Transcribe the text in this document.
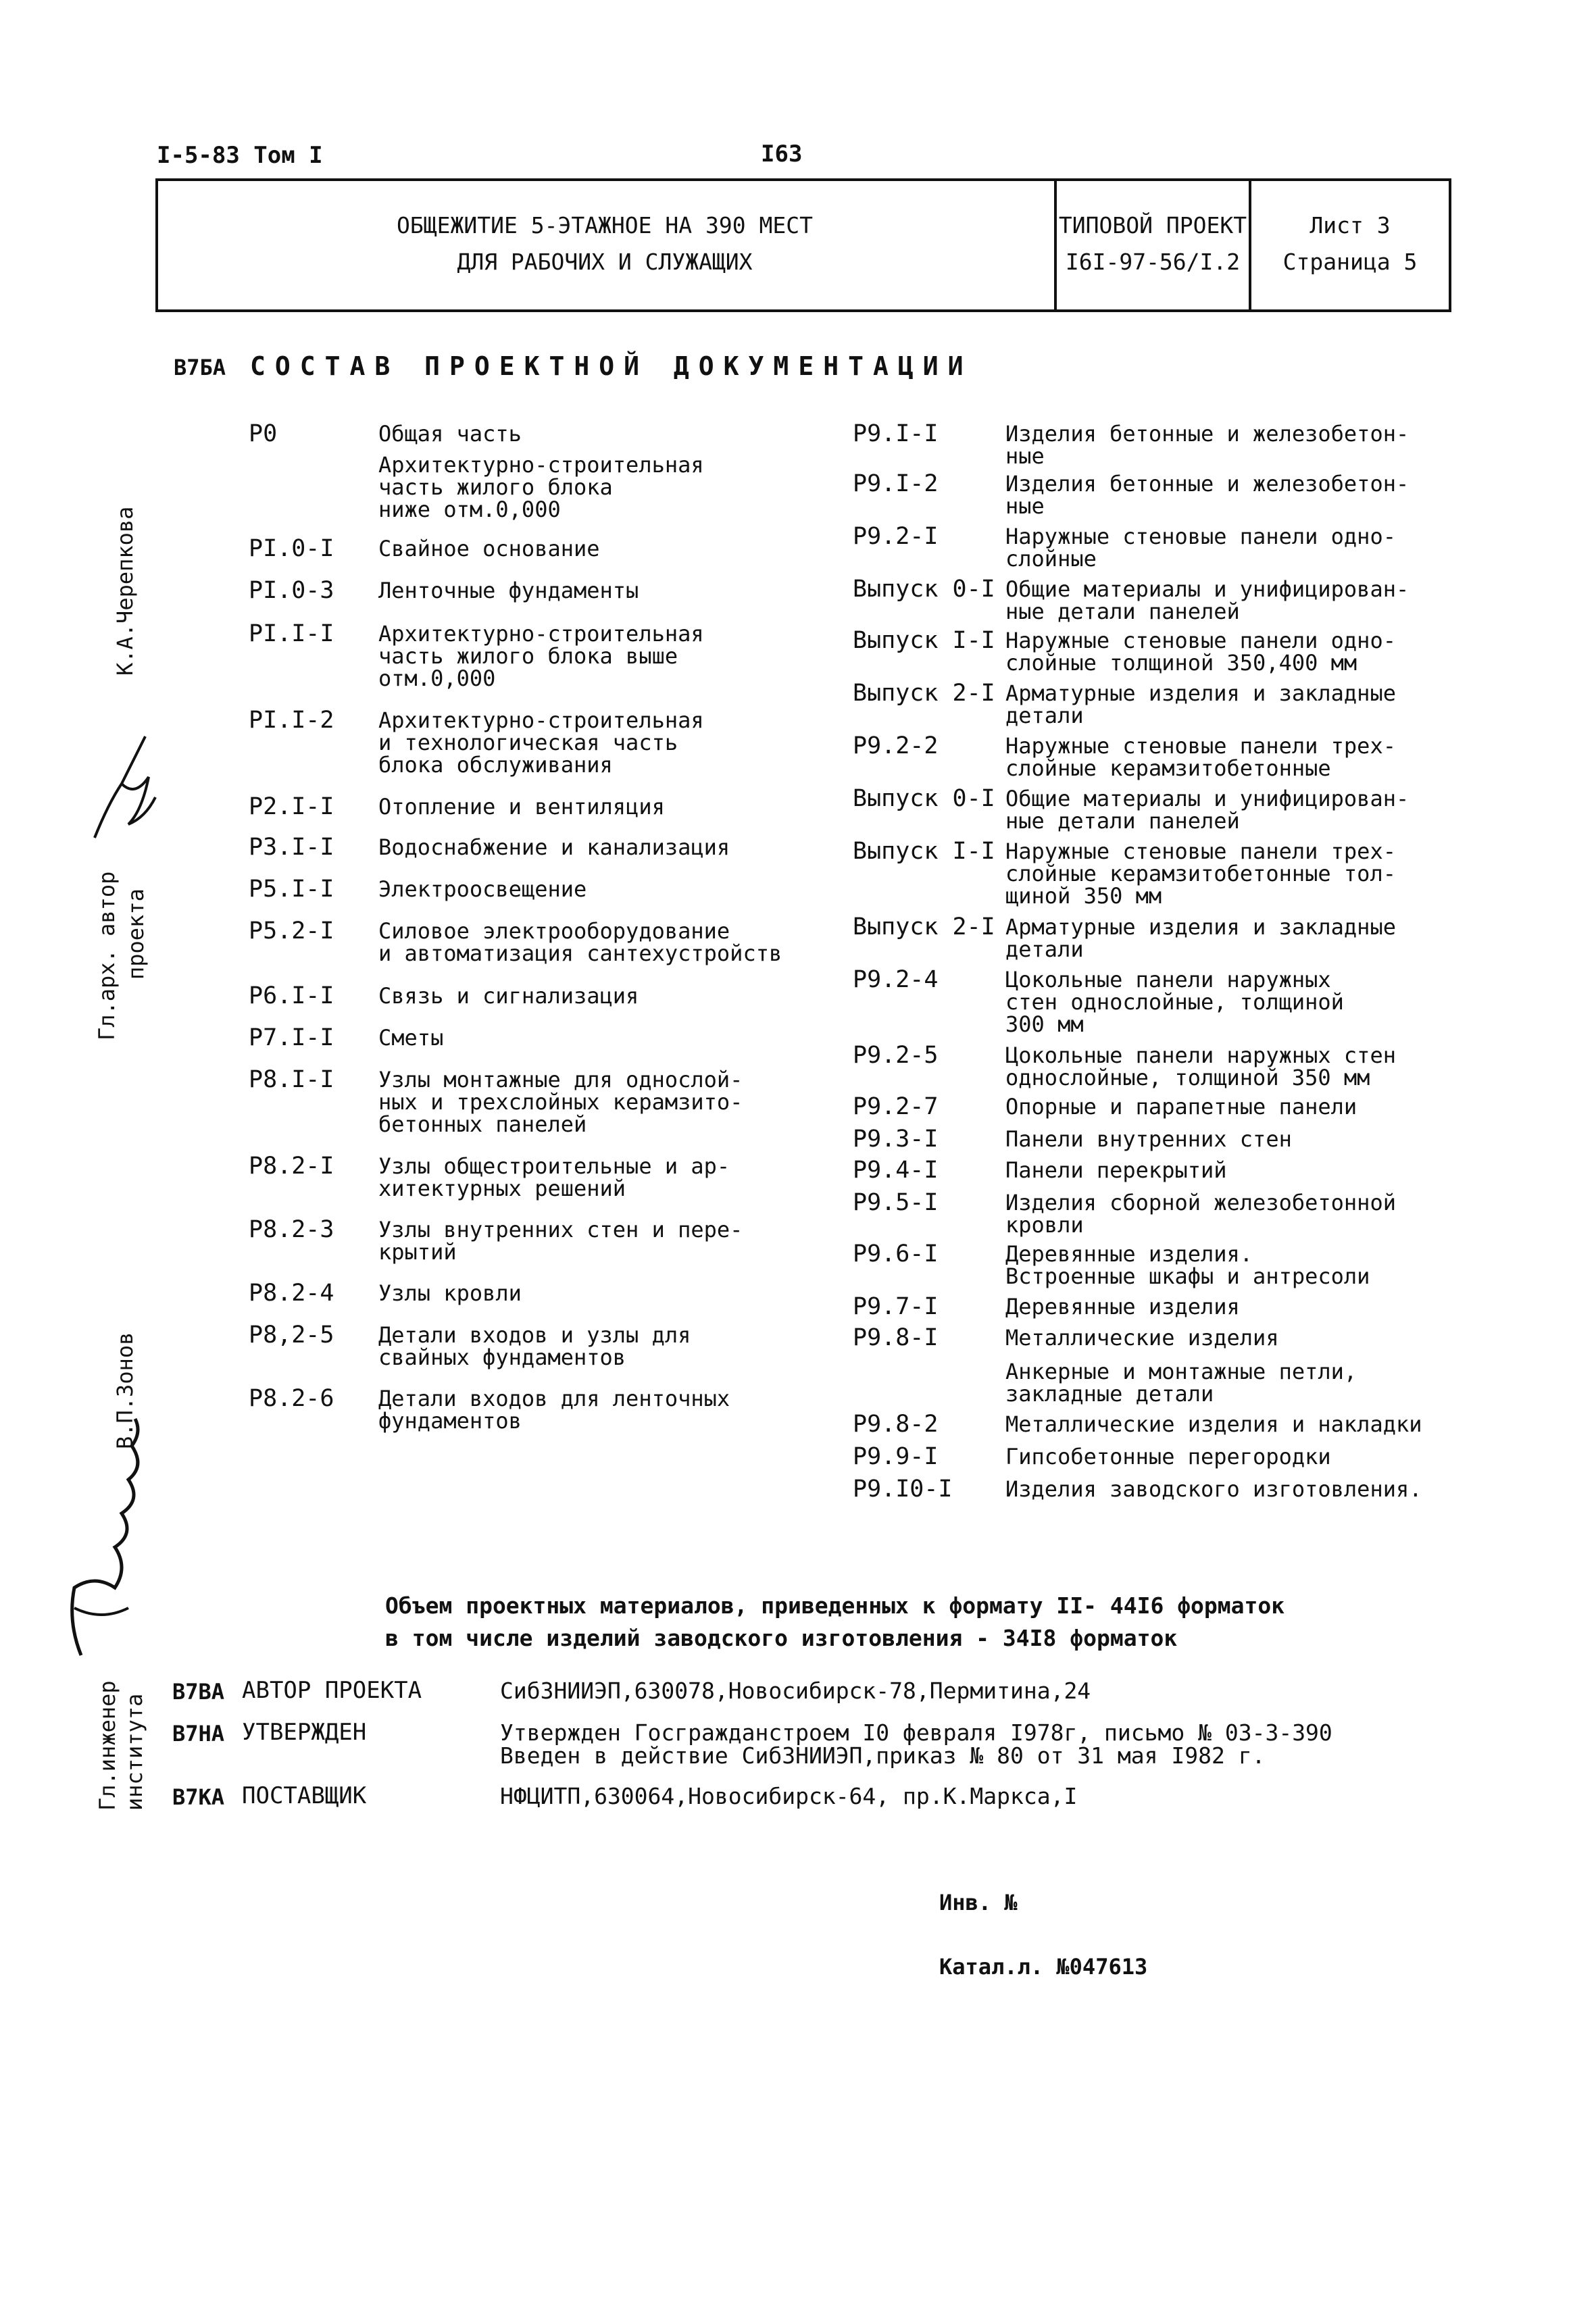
I-5-83 Том I	I63
ОБЩЕЖИТИЕ 5-ЭТАЖНОЕ НА 390 МЕСТ
ДЛЯ РАБОЧИХ И СЛУЖАЩИХ
ТИПОВОЙ ПРОЕКТ
I6I-97-56/I.2
Лист 3
Страница 5
В7БА СОСТАВ ПРОЕКТНОЙ ДОКУМЕНТАЦИИ
P0	Общая часть
Архитектурно-строительная
часть жилого блока
ниже отм.0,000
PI.0-I Свайное основание
PI.0-3 Ленточные фундаменты
PI.I-I Архитектурно-строительная
часть жилого блока выше
отм.0,000
PI.I-2 Архитектурно-строительная
и технологическая часть
блока обслуживания
P2.I-I Отопление и вентиляция
P3.I-I Водоснабжение и канализация
P5.I-I Электроосвещение
P5.2-I Силовое электрооборудование
и автоматизация сантехустройств
P6.I-I Связь и сигнализация
P7.I-I Сметы
P8.I-I Узлы монтажные для однослой-
ных и трехслойных керамзито-
бетонных панелей
P8.2-I Узлы общестроительные и ар-
хитектурных решений
P8.2-3 Узлы внутренних стен и пере-
крытий
P8.2-4 Узлы кровли
P8,2-5 Детали входов и узлы для
свайных фундаментов
P8.2-6 Детали входов для ленточных
фундаментов
P9.I-I	Изделия бетонные и железобетон-
ные
P9.I-2	Изделия бетонные и железобетон-
ные
P9.2-I	Наружные стеновые панели одно-
слойные
Выпуск 0-I Общие материалы и унифицирован-
ные детали панелей
Выпуск I-I Наружные стеновые панели одно-
слойные толщиной 350,400 мм
Выпуск 2-I Арматурные изделия и закладные
детали
P9.2-2	Наружные стеновые панели трех-
слойные керамзитобетонные
Выпуск 0-I Общие материалы и унифицирован-
ные детали панелей
Выпуск I-I Наружные стеновые панели трех-
слойные керамзитобетонные тол-
щиной 350 мм
Выпуск 2-I Арматурные изделия и закладные
детали
P9.2-4	Цокольные панели наружных
стен однослойные, толщиной
300 мм
P9.2-5	Цокольные панели наружных стен
однослойные, толщиной 350 мм
P9.2-7	Опорные и парапетные панели
P9.3-I	Панели внутренних стен
P9.4-I	Панели перекрытий
P9.5-I	Изделия сборной железобетонной
кровли
P9.6-I	Деревянные изделия.
Встроенные шкафы и антресоли
P9.7-I	Деревянные изделия
P9.8-I	Металлические изделия
Анкерные и монтажные петли,
закладные детали
P9.8-2	Металлические изделия и накладки
P9.9-I	Гипсобетонные перегородки
P9.I0-I Изделия заводского изготовления.
Объем проектных материалов, приведенных к формату II- 44I6 форматок
в том числе изделий заводского изготовления - 34I8 форматок
В7ВА АВТОР ПРОЕКТА	СибЗНИИЭП,630078,Новосибирск-78,Пермитина,24
В7НА УТВЕРЖДЕН	Утвержден Госгражданстроем I0 февраля I978г, письмо № 03-3-390
Введен в действие СибЗНИИЭП,приказ № 80 от 31 мая I982 г.
В7КА ПОСТАВЩИК	НФЦИТП,630064,Новосибирск-64, пр.К.Маркса,I
Инв. №
Катал.л. №047613
К.А.Черепкова
Гл.арх. автор проекта
В.П.Зонов
Гл.инженер института
